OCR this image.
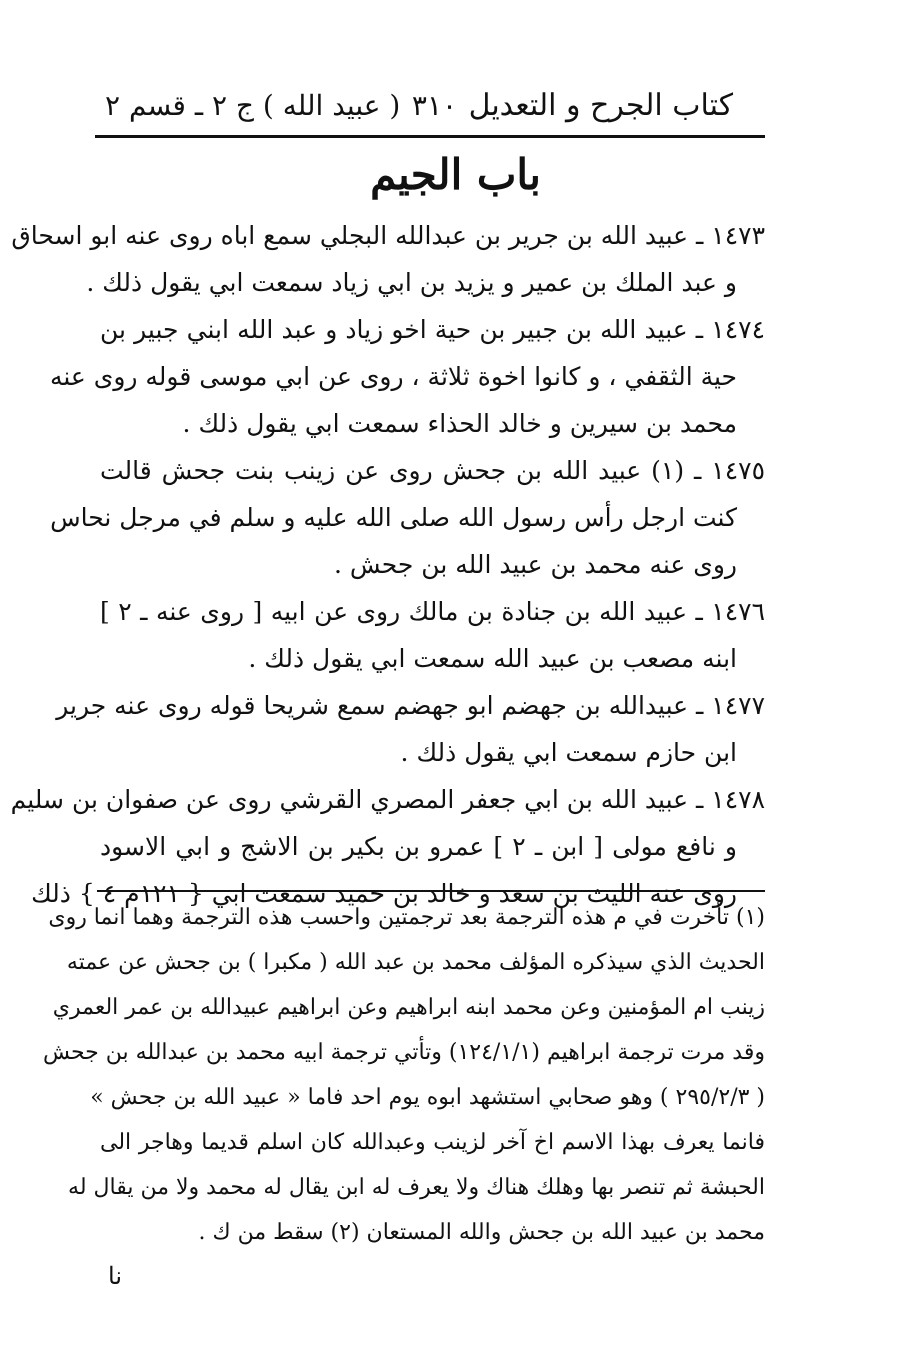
كتاب الجرح و التعديل
٣١٠
( عبيد الله ) ج ٢ ـ قسم ٢
باب الجيم
١٤٧٣ ـ عبيد الله بن جرير بن عبدالله البجلي سمع اباه روى عنه ابو اسحاق
و عبد الملك بن عمير و يزيد بن ابي زياد سمعت ابي يقول ذلك .
١٤٧٤ ـ عبيد الله بن جبير بن حية اخو زياد و عبد الله ابني جبير بن
حية الثقفي ، و كانوا اخوة ثلاثة ، روى عن ابي موسى قوله روى عنه
محمد بن سيرين و خالد الحذاء سمعت ابي يقول ذلك .
١٤٧٥ ـ (١) عبيد الله بن جحش روى عن زينب بنت جحش قالت
كنت ارجل رأس رسول الله صلى الله عليه و سلم في مرجل نحاس
روى عنه محمد بن عبيد الله بن جحش .
١٤٧٦ ـ عبيد الله بن جنادة بن مالك روى عن ابيه [ روى عنه ـ ٢ ]
ابنه مصعب بن عبيد الله سمعت ابي يقول ذلك .
١٤٧٧ ـ عبيدالله بن جهضم ابو جهضم سمع شريحا قوله روى عنه جرير
ابن حازم سمعت ابي يقول ذلك .
١٤٧٨ ـ عبيد الله بن ابي جعفر المصري القرشي روى عن صفوان بن سليم
و نافع مولى [ ابن ـ ٢ ] عمرو بن بكير بن الاشج و ابي الاسود
روى عنه الليث بن سعد و خالد بن حميد سمعت ابي { ١٢١م ٤ } ذلك
(١) تأخرت في م هذه الترجمة بعد ترجمتين واحسب هذه الترجمة وهما انما روى
الحديث الذي سيذكره المؤلف محمد بن عبد الله ( مكبرا ) بن جحش عن عمته
زينب ام المؤمنين وعن محمد ابنه ابراهيم وعن ابراهيم عبيدالله بن عمر العمري
وقد مرت ترجمة ابراهيم (١٢٤/١/١) وتأتي ترجمة ابيه محمد بن عبدالله بن جحش
( ٢٩٥/٢/٣ ) وهو صحابي استشهد ابوه يوم احد فاما « عبيد الله بن جحش »
فانما يعرف بهذا الاسم اخ آخر لزينب وعبدالله كان اسلم قديما وهاجر الى
الحبشة ثم تنصر بها وهلك هناك ولا يعرف له ابن يقال له محمد ولا من يقال له
محمد بن عبيد الله بن جحش والله المستعان (٢) سقط من ك .
نا
